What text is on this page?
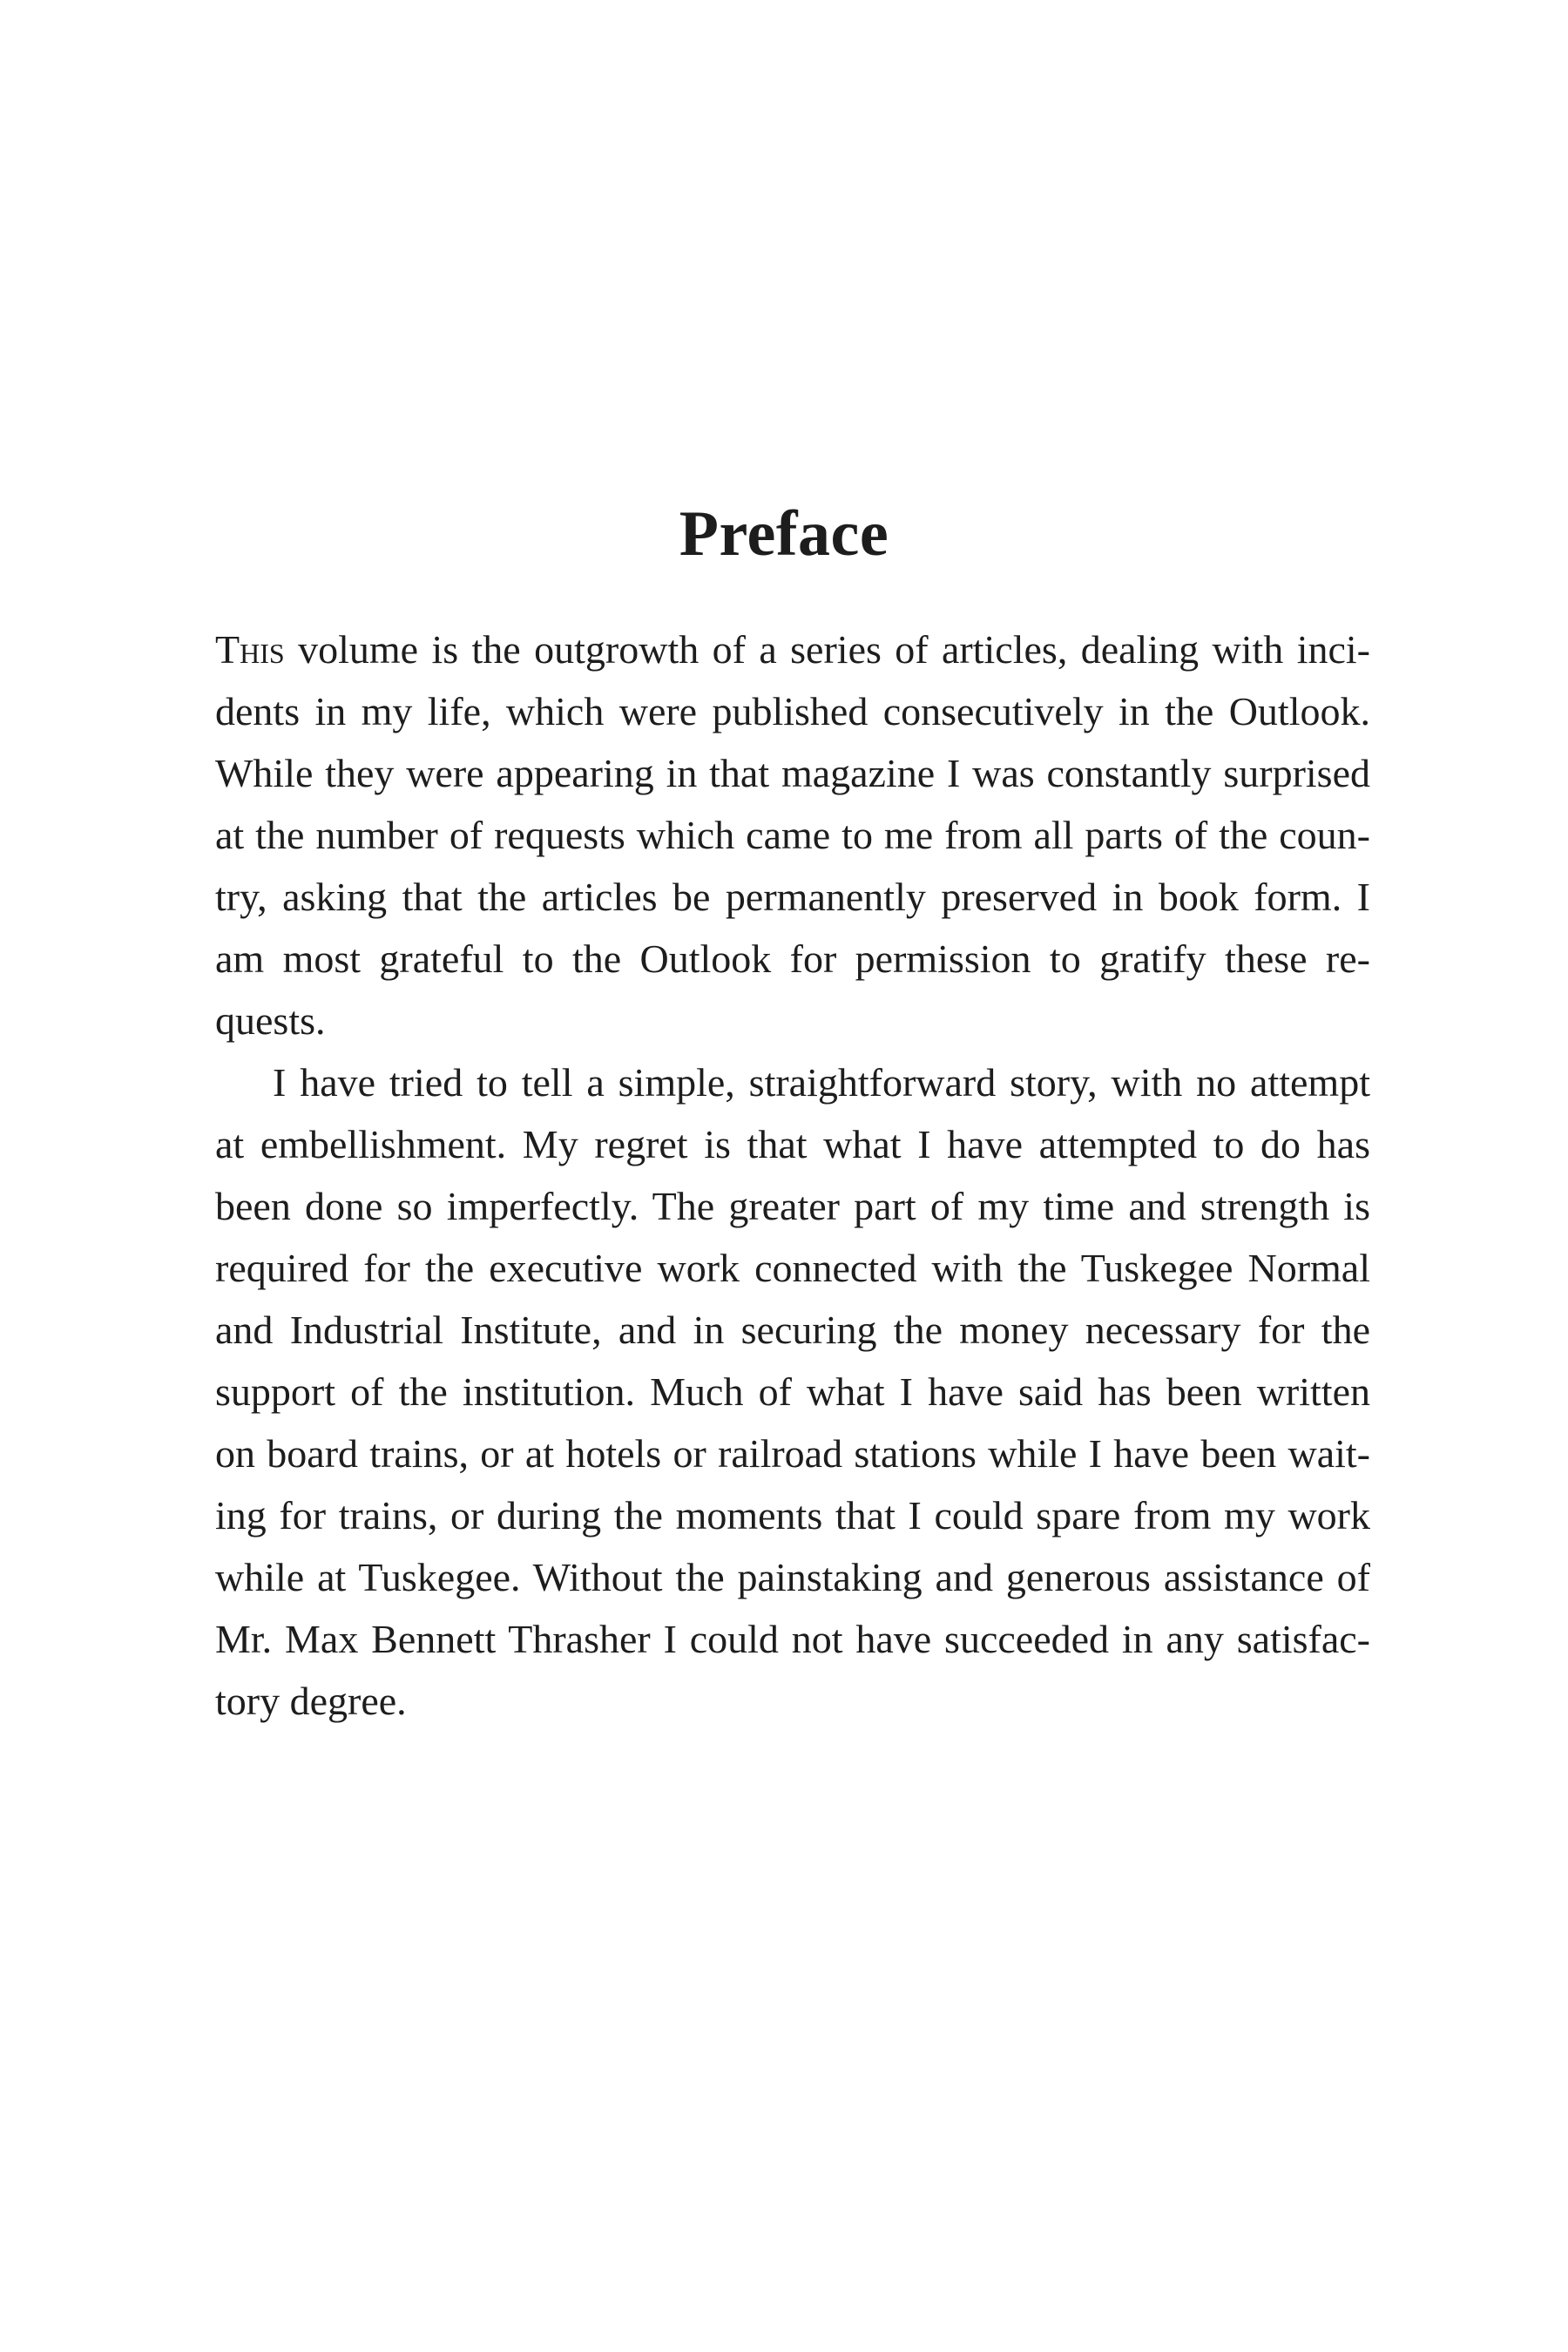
Preface

This volume is the outgrowth of a series of articles, dealing with inci-
dents in my life, which were published consecutively in the Outlook.
While they were appearing in that magazine I was constantly surprised
at the number of requests which came to me from all parts of the coun-
try, asking that the articles be permanently preserved in book form. I
am most grateful to the Outlook for permission to gratify these re-
quests.

I have tried to tell a simple, straightforward story, with no attempt
at embellishment. My regret is that what I have attempted to do has
been done so imperfectly. The greater part of my time and strength is
required for the executive work connected with the Tuskegee Normal
and Industrial Institute, and in securing the money necessary for the
support of the institution. Much of what I have said has been written
on board trains, or at hotels or railroad stations while I have been wait-
ing for trains, or during the moments that I could spare from my work
while at Tuskegee. Without the painstaking and generous assistance of
Mr. Max Bennett Thrasher I could not have succeeded in any satisfac-
tory degree.
